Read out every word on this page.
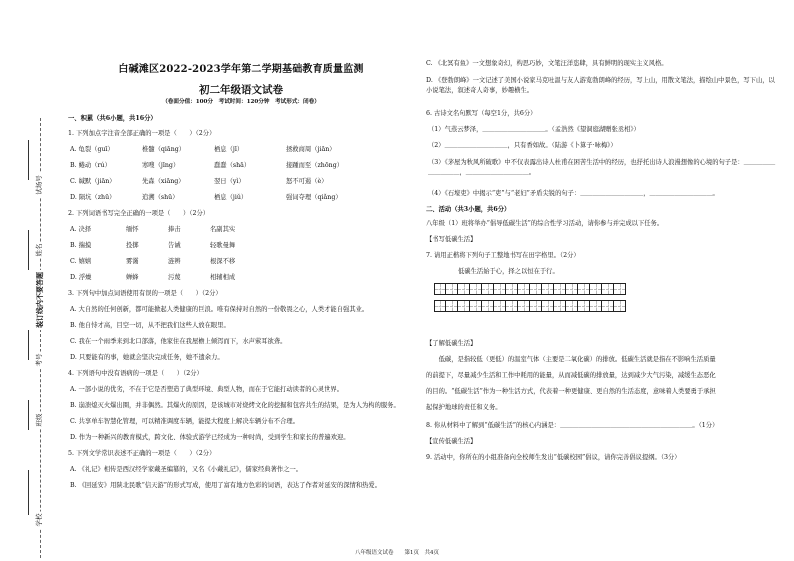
试场号
姓名
装订线内不要答题
考号
班级
学校
白碱滩区2022-2023学年第二学期基础教育质量监测
初二年级语文试卷
（卷面分值：100分　考试时间：120分钟　考试形式：闭卷）
一、积累（共6小题，共16分）
1. 下列加点字注音全部正确的一项是（　　）（2分）
A. 龟裂（guī）	椎髓（qiāng）	栖息（jī）	拯救商周（jiān）
B. 蜷动（rú）	寒嗖（jīng）	蠢蠢（shā）	接踵而至（zhōng）
C. 缄默（jiān）	先森（xiāng）	翌日（yì）	怒不可遏（è）
D. 陨坑（zhū）	追溯（shū）	栖息（jiǔ）	强词夺理（qiǎng）
2. 下列词语书写完全正确的一项是（　　）（2分）
A. 决择	缅怀	捧击	名副其实
B. 揣摸	投掷	告诫	轻歌曼舞
C. 嬉嬉	雾霭	涟辨	根深不移
D. 浮燥	蝉蜂	污蔑	相辅相成
3. 下列句中加点词语使用有误的一项是（　　）（2分）
A. 大自然的任何创新，都可能掀起人类健康的巨浪。唯有保持对自然的一份敬畏之心，人类才能自强其业。
B. 他自恃才高，目空一切，从不把我们这些人放在眼里。
C. 我在一个雨季来到北口部落，他家住在我屋檐上倾泻而下，水声萦耳欲聋。
D. 只要能有的事，她就会坚决完成任务，她不遗余力。
4. 下列语句中没有语病的一项是（　　）（2分）
A. 一部小说的优劣，不在于它是否塑造了典型环境、典型人物，而在于它能打动读者的心灵世界。
B. 崩溃熄灭火爆出圈，并非偶然。其爆火的原因，是该城市对烧烤文化的挖掘和包容共生的结果，是为人为构的服务。
C. 共享单车智慧化管理，可以精准调度车辆，能提大程度上解决车辆分布不合理。
D. 作为一种新兴的教育模式，跨文化、体验式游学已经成为一种时尚，受到学生和家长的普遍欢迎。
5. 下列文学常识表述不正确的一项是（　　）（2分）
A. 《礼记》相传是西汉经学家戴圣编纂的，又名《小戴礼记》，儒家经典著作之一。
B. 《回延安》用陕北民歌“信天游”的形式写成，使用了富有地方色彩的词语，表达了作者对延安的深情和热爱。
C. 《北冥有鱼》一文想象奇幻，构思巧妙，文笔汪洋恣肆，具有鲜明的现实主义风格。
D. 《登勃朗峰》一文记述了美国小说家马克吐温与友人游览勃朗峰的经历，写上山，用散文笔法，描绘山中景色，写下山，以小说笔法，叙述奇人奇事，妙趣横生。
6. 古诗文名句默写（每空1分，共6分）
（1）气蒸云梦泽，＿＿＿＿＿＿＿＿＿＿。（孟浩然《望洞庭湖赠张丞相》）
（2）＿＿＿＿＿＿＿＿＿＿，只有香如故。（陆游《卜算子·咏梅》）
（3）《茅屋为秋风所破歌》中不仅表露出诗人杜甫在困苦生活中的经历，也抒托出诗人浪漫想像的心境的句子是：＿＿＿＿＿＿＿＿＿＿，＿＿＿＿＿＿＿＿＿＿。
（4）《石壕吏》中揭示“吏”与“老妇”矛盾尖锐的句子：＿＿＿＿＿＿＿＿＿＿，＿＿＿＿＿＿＿＿＿＿。
二、活动（共3小题，共6分）
八年级（1）班将举办“倡导低碳生活”的综合性学习活动，请你参与并完成以下任务。
【书写低碳生活】
7. 请用正楷将下列句子工整地书写在田字格里。（2分）
低碳生活始于心，择之以恒在于行。
【了解低碳生活】
　　低碳，是指较低（更低）的温室气体（主要是二氧化碳）的排放。低碳生活就是指在不影响生活质量
的前提下，尽量减少生活和工作中耗用的能量，从而减低碳的排放量，达到减少大气污染，减缓生态恶化
的目的。“低碳生活”作为一种生活方式，代表着一种更健康、更自然的生活态度，意味着人类要勇于承担
起保护地球的责任和义务。
8. 你从材料中了解到“低碳生活”的核心内涵是：＿＿＿＿＿＿＿＿＿＿＿＿＿＿＿＿＿＿＿＿＿。（1分）
【宣传低碳生活】
9. 活动中，你所在的小组准备向全校师生发出“低碳校园”倡议，请你完善倡议提纲。（3分）
八年级语文试卷　　第1页　共4页
